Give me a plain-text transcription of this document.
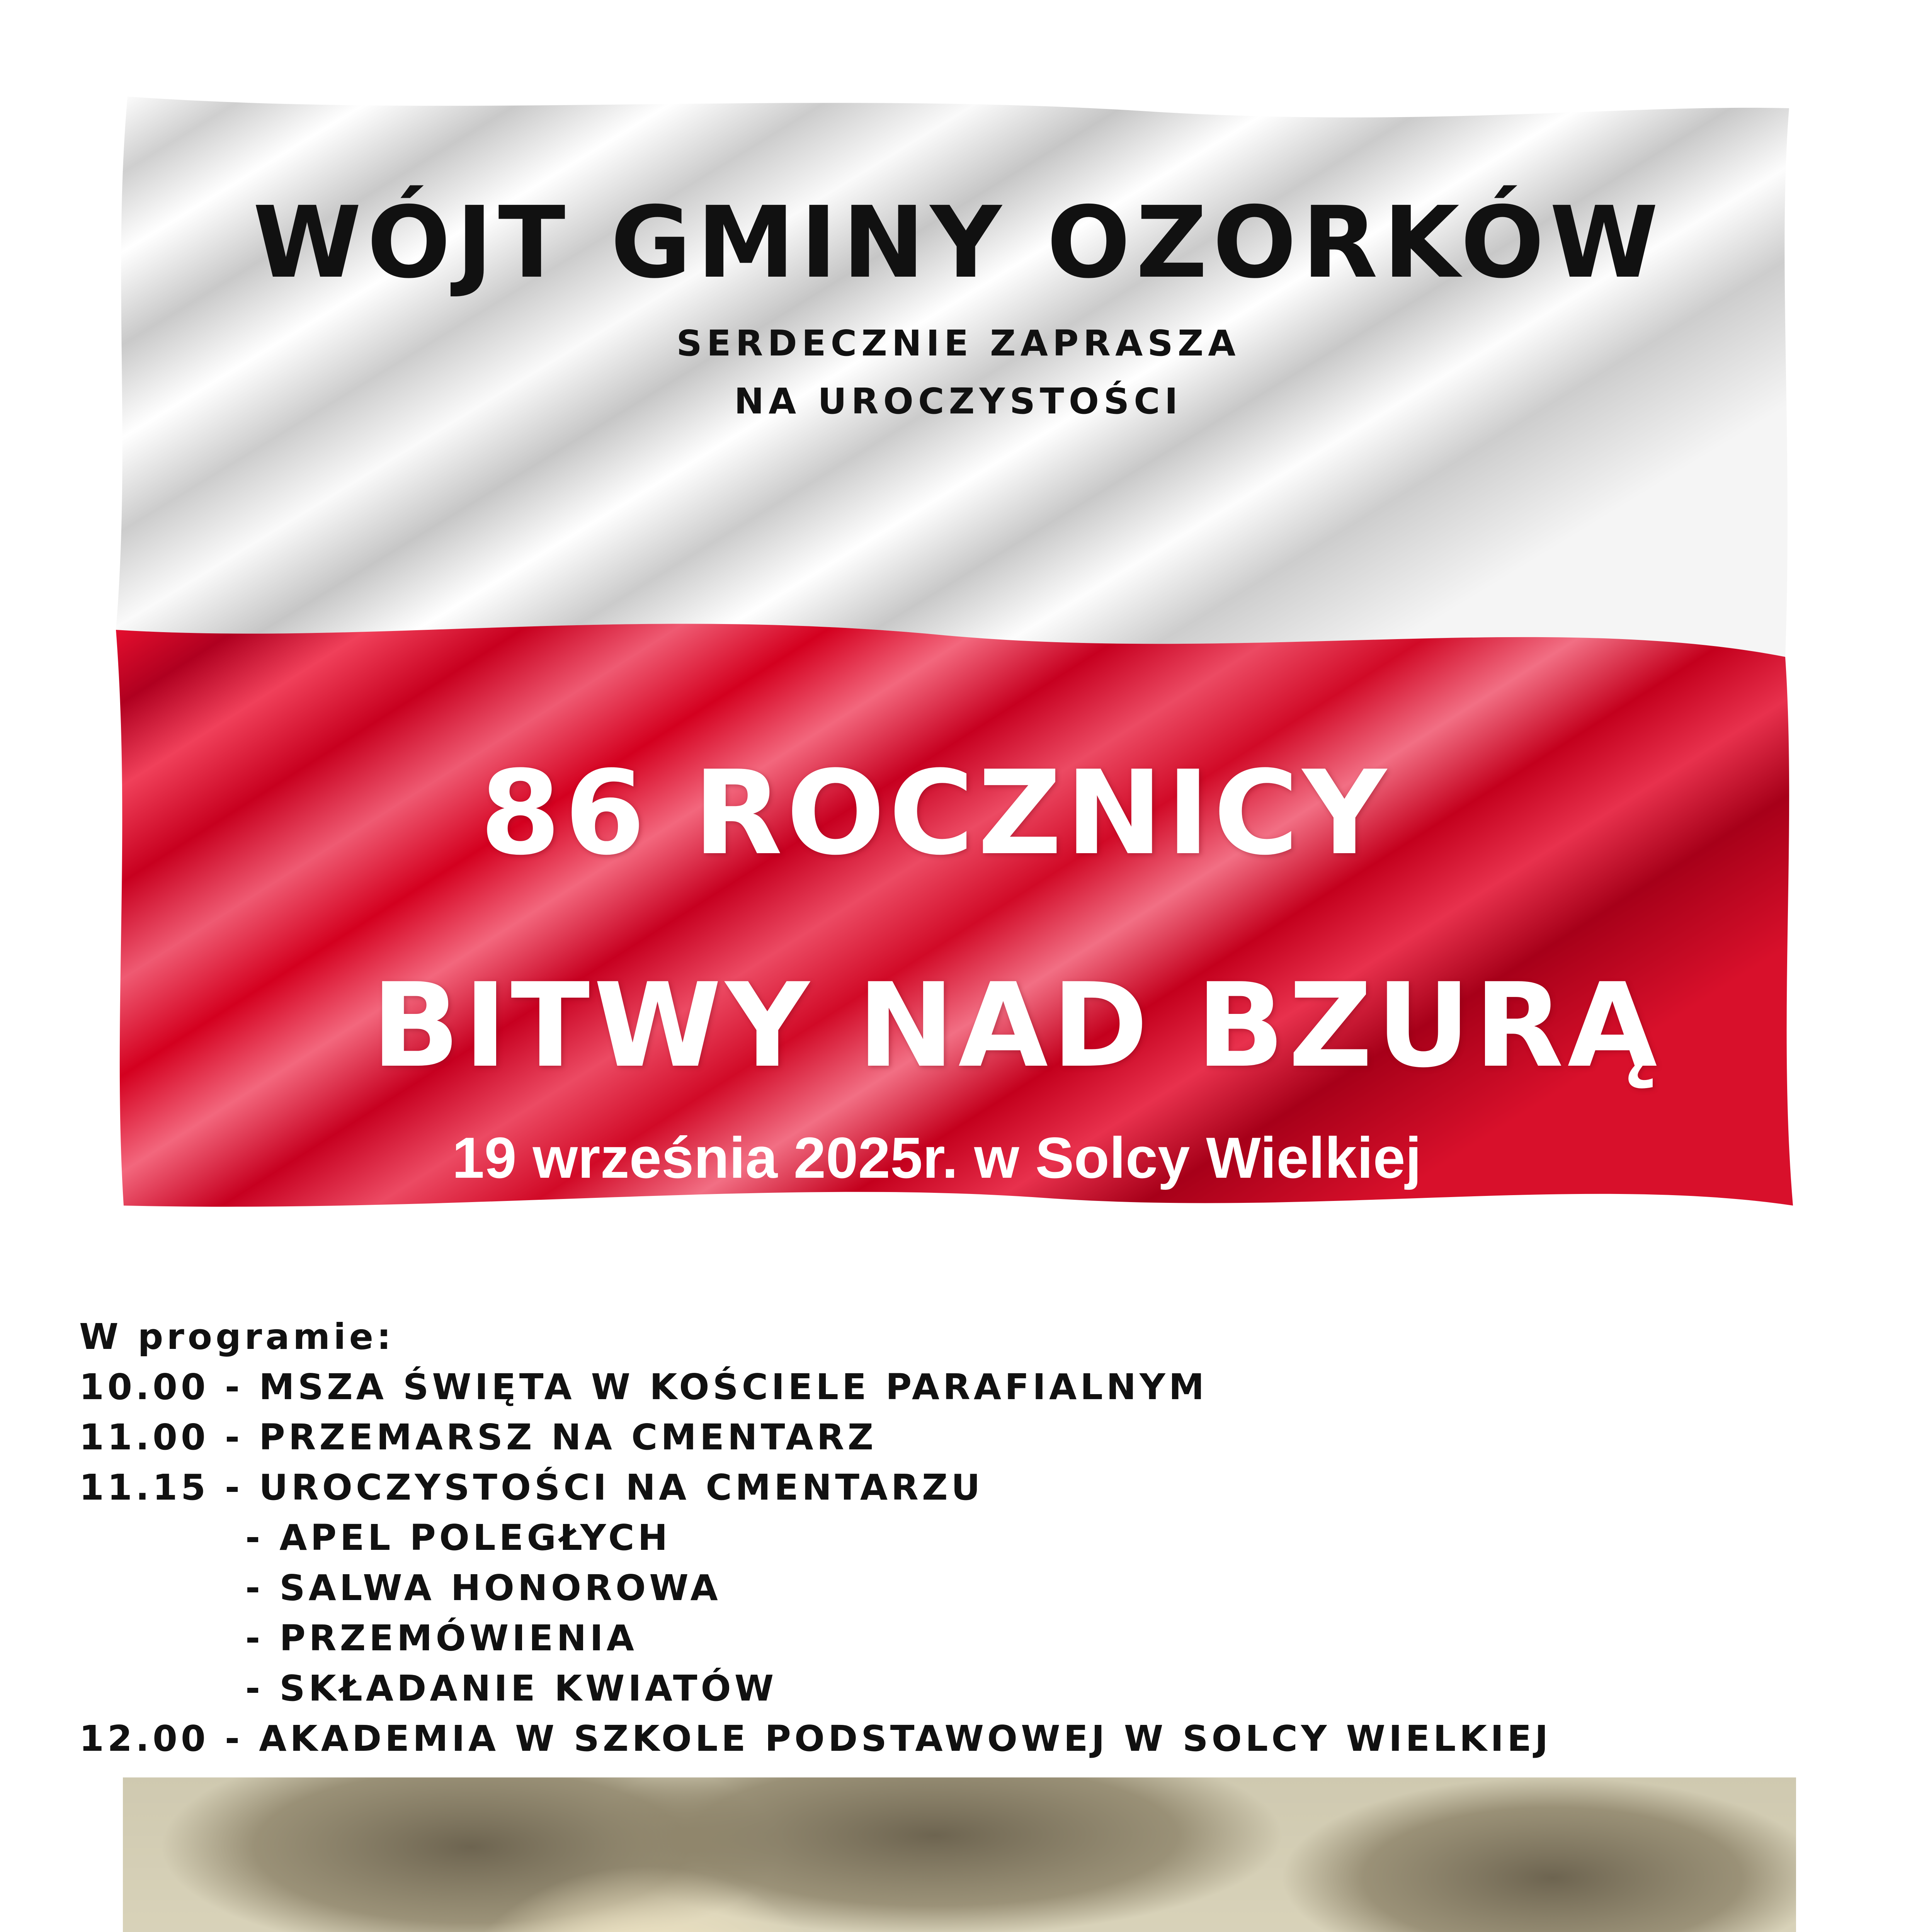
WÓJT GMINY OZORKÓW
SERDECZNIE ZAPRASZA
NA UROCZYSTOŚCI
86 ROCZNICY
BITWY NAD BZURĄ
19 września 2025r. w Solcy Wielkiej
W programie:
10.00 - MSZA ŚWIĘTA W KOŚCIELE PARAFIALNYM
11.00 - PRZEMARSZ NA CMENTARZ
11.15 - UROCZYSTOŚCI NA CMENTARZU
- APEL POLEGŁYCH
- SALWA HONOROWA
- PRZEMÓWIENIA
- SKŁADANIE KWIATÓW
12.00 - AKADEMIA W SZKOLE PODSTAWOWEJ W SOLCY WIELKIEJ
